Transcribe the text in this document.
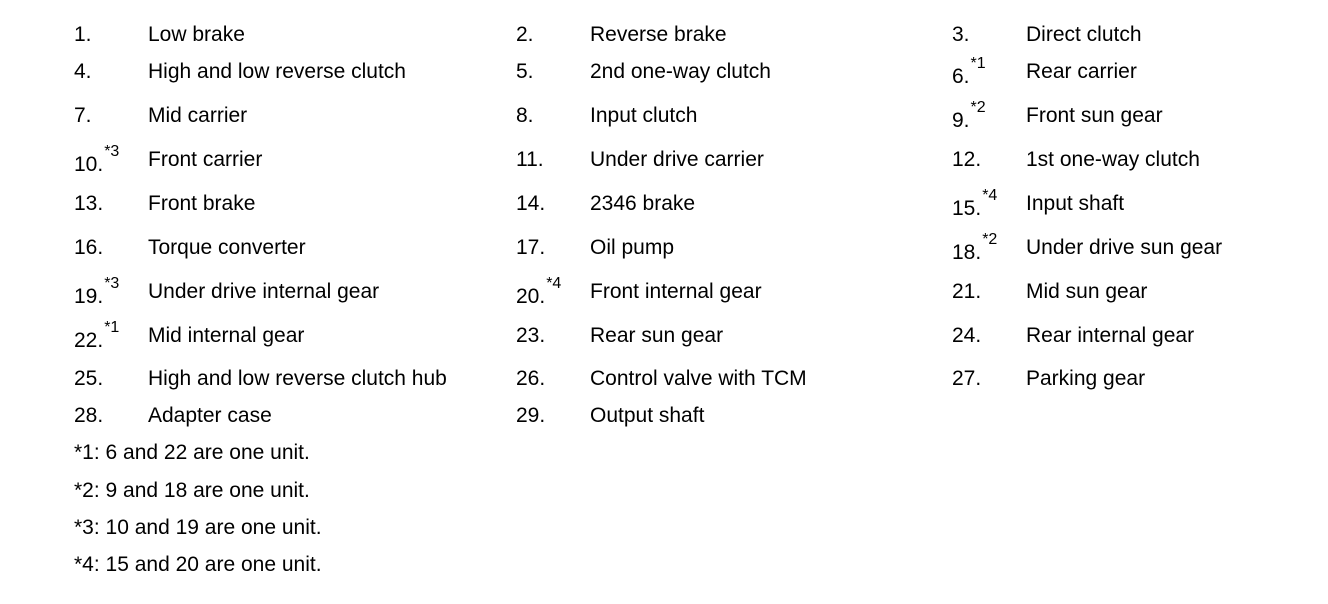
1.	Low brake	2.	Reverse brake	3.	Direct clutch
4.	High and low reverse clutch	5.	2nd one-way clutch	6.$^{*1}$ Rear carrier
7.	Mid carrier	8.	Input clutch	9.$^{*2}$ Front sun gear
10.$^{*3}$ Front carrier	11. Under drive carrier	12. 1st one-way clutch
13. Front brake	14. 2346 brake	15.$^{*4}$ Input shaft
16. Torque converter	17. Oil pump	18.$^{*2}$ Under drive sun gear
19.$^{*3}$ Under drive internal gear	20.$^{*4}$ Front internal gear	21. Mid sun gear
22.$^{*1}$ Mid internal gear	23. Rear sun gear	24. Rear internal gear
25. High and low reverse clutch hub	26. Control valve with TCM	27. Parking gear
28. Adapter case	29. Output shaft
*1: 6 and 22 are one unit.
*2: 9 and 18 are one unit.
*3: 10 and 19 are one unit.
*4: 15 and 20 are one unit.
